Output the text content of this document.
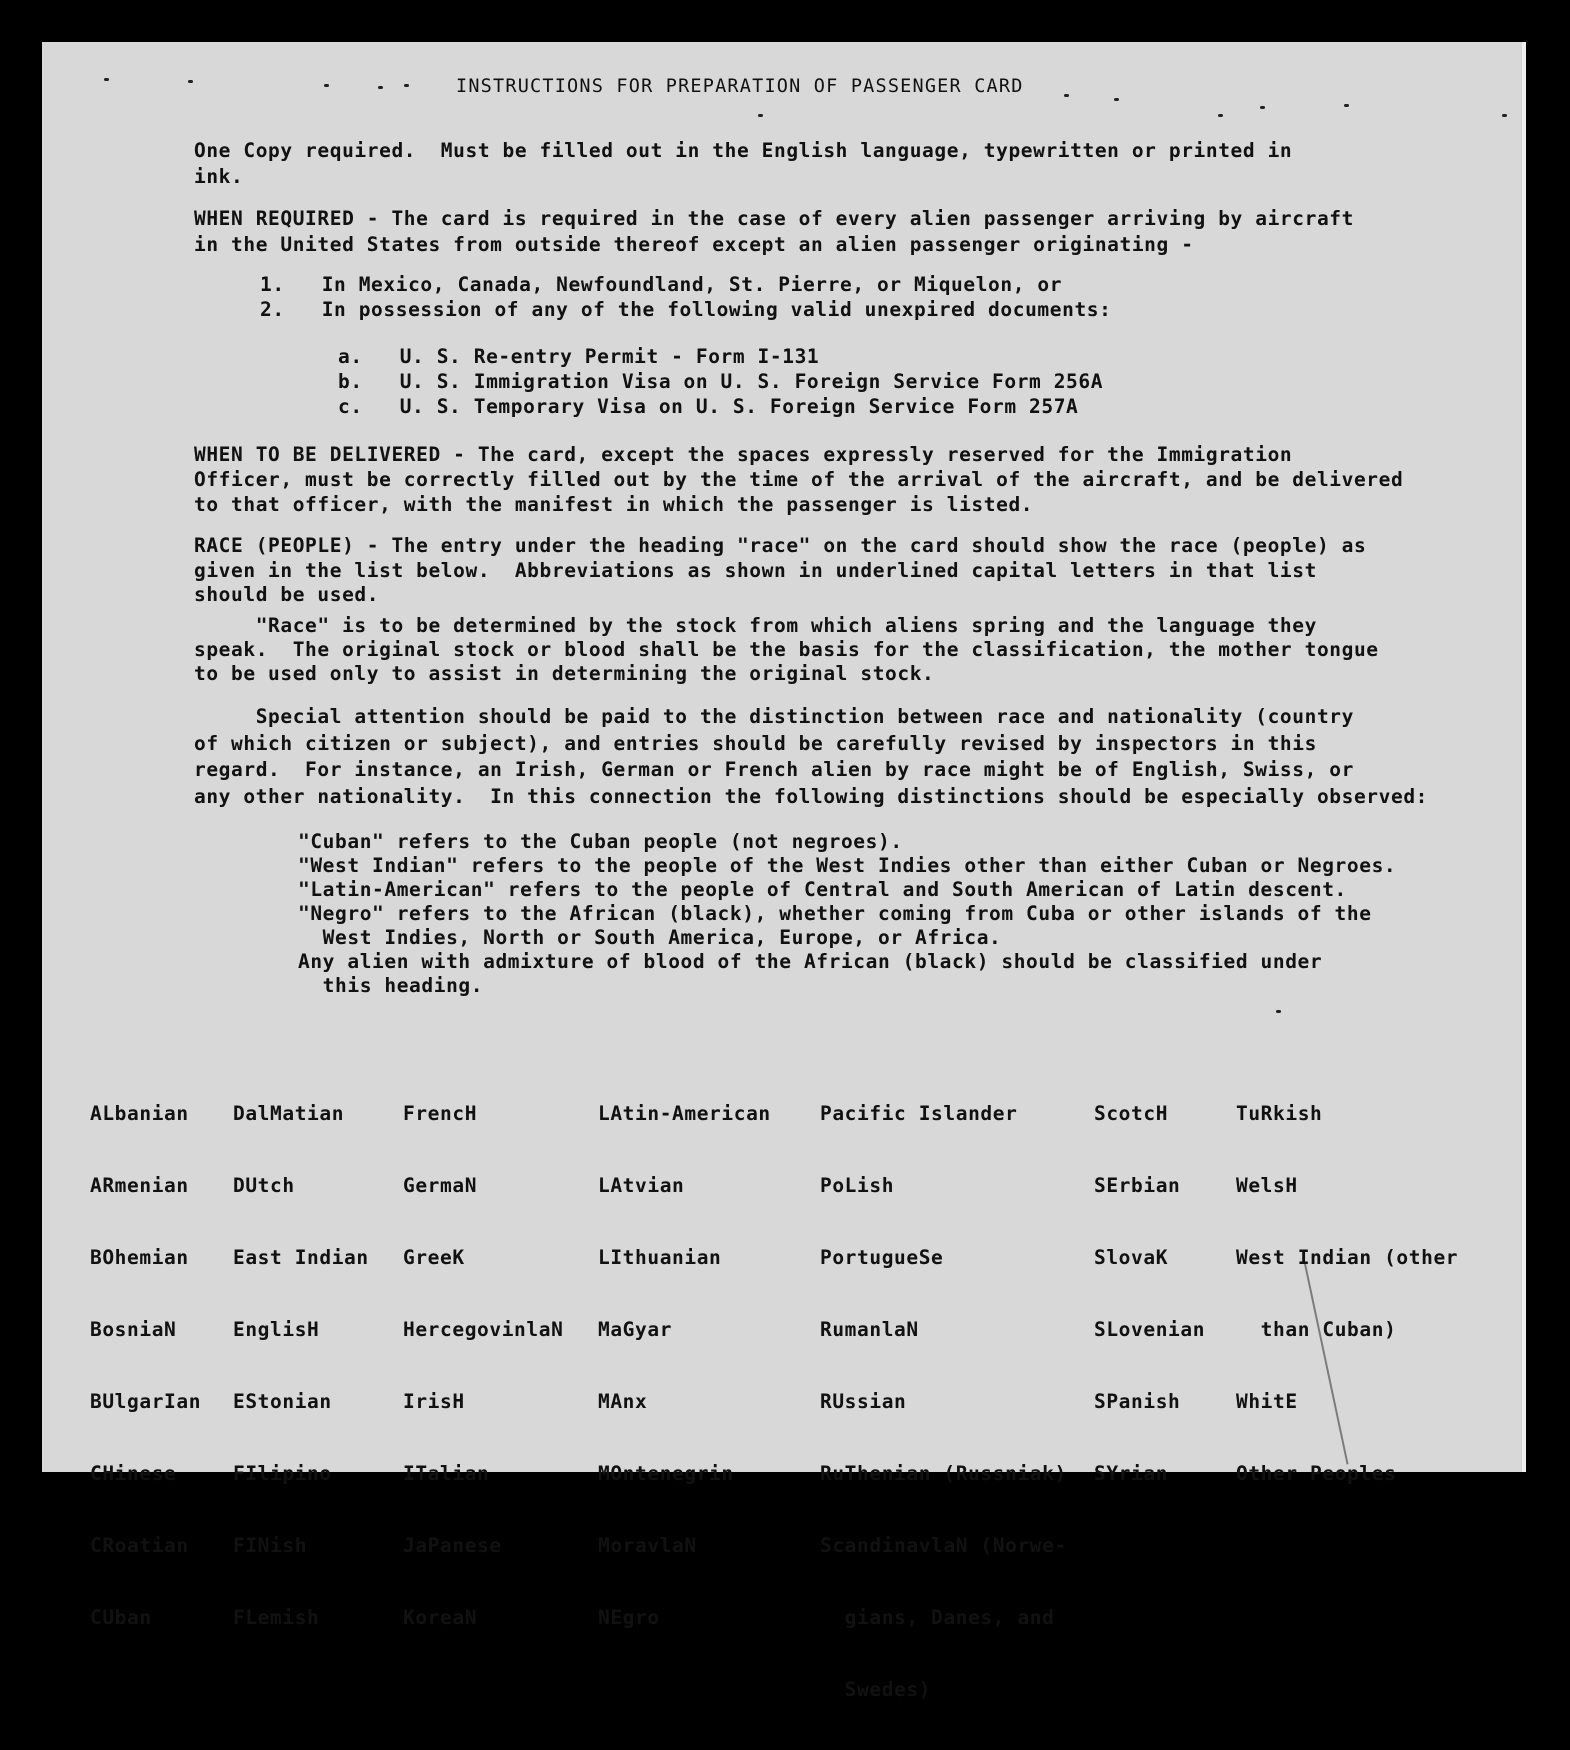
INSTRUCTIONS FOR PREPARATION OF PASSENGER CARD
One Copy required.  Must be filled out in the English language, typewritten or printed in
ink.
WHEN REQUIRED - The card is required in the case of every alien passenger arriving by aircraft
in the United States from outside thereof except an alien passenger originating -
1.   In Mexico, Canada, Newfoundland, St. Pierre, or Miquelon, or
2.   In possession of any of the following valid unexpired documents:
a.   U. S. Re-entry Permit - Form I-131
b.   U. S. Immigration Visa on U. S. Foreign Service Form 256A
c.   U. S. Temporary Visa on U. S. Foreign Service Form 257A
WHEN TO BE DELIVERED - The card, except the spaces expressly reserved for the Immigration
Officer, must be correctly filled out by the time of the arrival of the aircraft, and be delivered
to that officer, with the manifest in which the passenger is listed.
RACE (PEOPLE) - The entry under the heading "race" on the card should show the race (people) as
given in the list below.  Abbreviations as shown in underlined capital letters in that list
should be used.
"Race" is to be determined by the stock from which aliens spring and the language they
speak.  The original stock or blood shall be the basis for the classification, the mother tongue
to be used only to assist in determining the original stock.
Special attention should be paid to the distinction between race and nationality (country
of which citizen or subject), and entries should be carefully revised by inspectors in this
regard.  For instance, an Irish, German or French alien by race might be of English, Swiss, or
any other nationality.  In this connection the following distinctions should be especially observed:
"Cuban" refers to the Cuban people (not negroes).
"West Indian" refers to the people of the West Indies other than either Cuban or Negroes.
"Latin-American" refers to the people of Central and South American of Latin descent.
"Negro" refers to the African (black), whether coming from Cuba or other islands of the
West Indies, North or South America, Europe, or Africa.
Any alien with admixture of blood of the African (black) should be classified under
this heading.

ALbanian

ARmenian

BOhemian

BosniaN

BUlgarIan

CHinese

CRoatian

CUban

DalMatian

DUtch

East Indian

EnglisH

EStonian

FIlipino

FINish

FLemish

FrencH

GermaN

GreeK

HercegovinlaN

IrisH

ITalian

JaPanese

KoreaN

LAtin-American

LAtvian

LIthuanian

MaGyar

MAnx

MOntenegrin

MoravlaN

NEgro

Pacific Islander

PoLish

PortugueSe

RumanlaN

RUssian

RuThenian (Russniak)

ScandinavlaN (Norwe-

gians, Danes, and

Swedes)

ScotcH

SErbian

SlovaK

SLovenian

SPanish

SYrian

TuRkish

WelsH

West Indian (other

than Cuban)

WhitE

Other Peoples
